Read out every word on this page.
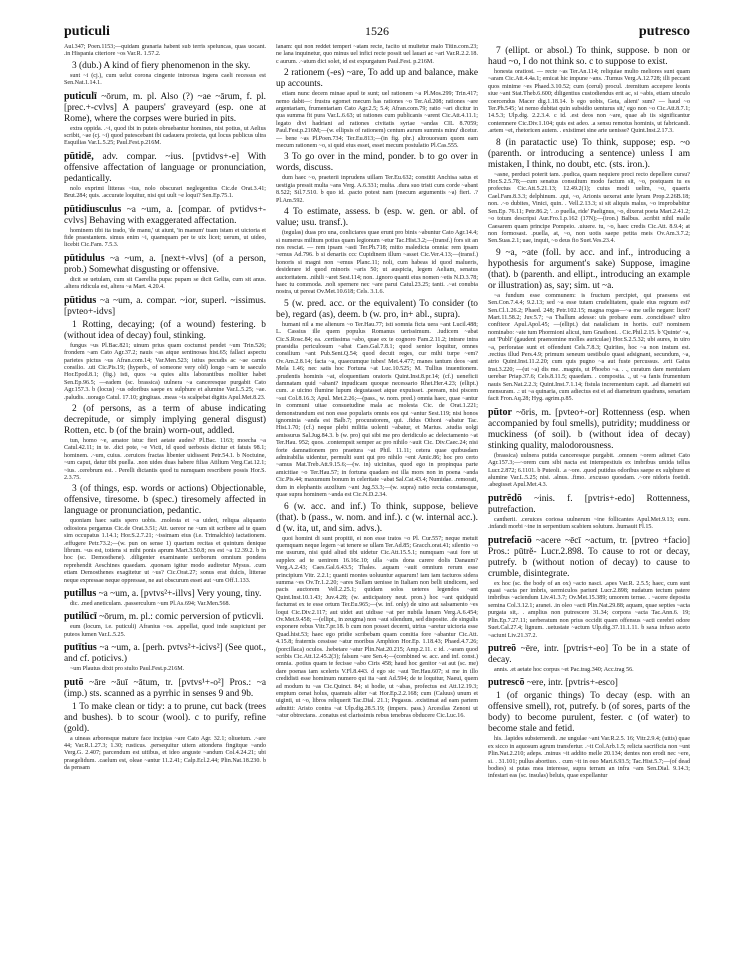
puticuli	1526	putresco

Aul.347; Poen.1153;—quidam granaria habent sub terris speluncas, quas uocant. .in Hispania citeriore ~os Var.R. 1.57.2.

3 (dub.) A kind of fiery phenomenon in the sky.

sunt ~i (cj.), cum uelut corona cingente introrsus ingens caeli recessus est Sen.Nat.1.14.1.

puticulī ~ōrum, m. pl. Also (?) ~ae ~ārum, f. pl. [prec.+-cvlvs] A paupers' graveyard (esp. one at Rome), where the corpses were buried in pits.

extra oppida. .~i, quod ibi in puteis obruebantur homines, nisi potius, ut Aelius scribit, ~ae (cj. ~i) quod putescebant ibi cadauera proiecta, qui locus publicus ultra Esquilias Var.L.5.25; Paul.Fest.p.216M.

pūtidē, adv. compar. ~ius. [pvtidvs+-e] With offensive affectation of language or pronunciation, pedantically.

nolo exprimi litteras ~ius, nolo obscurari neglegentius Cic.de Orat.3.41; Brut.284; quis. .accurate loquitur, nisi qui uult ~e loqui? Sen.Ep.75.1.

pūtidiusculus ~a ~um, a. [compar. of pvtidvs+-cvlvs] Behaving with exaggerated affectation.

hominem tibi ita trado, 'de manu,' ut aiunt, 'in manum' tuam istam et uictoria et fide praestantem. simus enim ~i, quamquam per te uix licet; uerum, ut uideo, licebit Cic.Fam. 7.5.3.

pūtidulus ~a ~um, a. [next+-vlvs] (of a person, prob.) Somewhat disgusting or offensive.

dicit se uetulam, cum sit Caerellia pupa: pupam se dicit Gellia, cum sit anus. .altera ridicula est, altera ~a Mart. 4.20.4.

pūtidus ~a ~um, a. compar. ~ior, superl. ~issimus. [pvteo+-idvs]

1 Rotting, decaying; (of a wound) festering. b (without idea of decay) foul, stinking.

fungus ~us Pl.Bac.821; uinum prius quam coctumst pendet ~um Trin.526; frondem ~am Cato Agr.37.2; nauis ~as atque sentinosas hist.65; fallaci aspectu parietes pictus ~us Afran.com.14; Var.Men.523; istius pecudis ac ~ae carnis consilio. .uti Cic.Pis.19; (hyperb., of someone very old) longo ~am te saeculo Hor.Epod.8.1; (fig.) isti, quos ~a quies aliis laborantibus molliter habet Sen.Ep.96.5; —eadem (sc. brassica) uulnera ~a canceresque purgabit Cato Agr.157.3. b (locus) ~us odoribus saepe ex sulphure et alumine Var.L.5.25; ~ae. .paludis. .uorago Catul. 17.10; gingiuas. .meas ~is scalpebat digitis Apul.Met.8.23.

2 (of persons, as a term of abuse indicating decrepitude, or simply implying general disgust) Rotten, etc. b (of the brain) worn-out, addled.

tun, homo ~e, amator istuc fieri aetate audes? Pl.Bac. 1163; moecha ~a Catul.42.11; in te. .dici pote, ~e Victi, id quod uerbosis dicitur et fatuis 98.1; hominem. .~um, cuius. .ceruices fractas libenter uidissent Petr.54.1. b Noctuine, ~um caput, datur tibi puella. .non uides duas habere filias Atilium Verg.Cat.12.1; ~ius. .cerebrum est. . Perelli dictantis quod tu numquam rescribere possis Hor.S. 2.3.75.

3 (of things, esp. words or actions) Objectionable, offensive, tiresome. b (spec.) tiresomely affected in language or pronunciation, pedantic.

quoniam haec satis spero uobis. .molesta et ~a uideri, reliqua aliquanto odiosiora pergamus Cic.de Orat.3.51; Att. uereor ne ~um sit scribere ad te quam sim occupatus 1.14.1; Hor.S.2.7.21; ~issimam eius (i.e. Trimalchio) iactationem. .effugere Petr.73.2;—(w. pun on sense 1) quartum recitas et quintum denique librum. ~us est, totiens si mihi ponis aprum Mart.3.50.8; res est ~a 12.39.2. b in hoc (sc. Demosthene). .diligenter examinante uerborum omnium pondera reprehendit Aeschines quaedam. .quonam igitur modo audiretur Mysus. .cum etiam Demosthenes exagitetur ut ~us? Cic.Orat.27; sonus erat dulcis, litterae neque expressae neque oppressae, ne aut obscurum esset aut ~um Off.1.133.

putillus ~a ~um, a. [pvtvs²+-illvs] Very young, tiny.

dic. .med aneticulam. .passerculum ~um Pl.As.694; Var.Men.568.

putilūcī ~ōrum, m. pl.: comic perversion of pvticvli.

eum (locum, i.e. puticuli) Afranius ~os. .appellat, quod inde suspiciunt per puteos lumen Var.L.5.25.

putītius ~a ~um, a. [perh. pvtvs²+-icivs²] (See quot., and cf. poticivs.)

~um Plautus dixit pro stulto Paul.Fest.p.216M.

putō ~āre ~āuī ~ātum, tr. [pvtvs¹+-o²] Pros.: ~a (imp.) sts. scanned as a pyrrhic in senses 9 and 9b.

1 To make clean or tidy: a to prune, cut back (trees and bushes). b to scour (wool). c to purify, refine (gold).

a uineas arboresque mature face incipias ~are Cato Agr. 32.1; oliuetum. .~are 44; Var.R.1.27.3; 1.30; rusticus. .persequitur uitem attondens fingitque ~ando Verg.G. 2.407; parcendum est uitibus, et ideo anguste ~andum Col.4.24.21; ubi praegelidum. .caelum est, oleae ~antur 11.2.41; Calp.Ecl.2.44; Plin.Nat.18.230. b da pensam

lanam: qui non reddet temperi ~atam recte, facito ut multetur malo Titin.com.23; ne lana inquinetur, quo minus uel infici recte possit uel lauari ac ~ari Var.R.2.2.18. c aurum. .~atum dici solet, id est expurgatum Paul.Fest. p.216M.

2 rationem (-es) ~are, To add up and balance, make up accounts.

etiam nunc decem minae apud te sunt; uel rationem ~a Pl.Mos.299; Trin.417; nemo dabit—: frustra egomet mecum has rationes ~o Ter.Ad.208; rationes ~are argentariam, frumentariam Cato Agr.2.5; 5.4; Afran.com.79; ratio ~ari dicitur in qua summa fit pura Var.L.6.63; ut rationes cum publicanis ~arent Cic.Att.4.11.1; legato divi hadriani ad rationes civitatis syriae ~andas CIL 8.7059; Paul.Fest.p.216M;—(w. ellipsis of rationem) centum aurum summis minu' dicetur. — bene ~as Pl.Poen.734; Ter.Eu.813;—(in fig. phr.) altrouorsum quom eam mecum rationem ~o, si quid eius esset, esset mecum postulatio Pl.Cas.555.

3 To go over in the mind, ponder. b to go over in words, discuss.

dum haec ~o, praeterii inprudens uillam Ter.Eu.632; constitit Anchisa satus et uestigia pressit multa ~ans Verg. A.6.331; multa. .dura suo tristi cum corde ~abant 8.522; Sil.7.510. b quo id. .pacto potest nam (mecum argumentis ~a) fieri. .? Pl.Am.592.

4 To estimate, assess. b (esp. w. gen. or abl. of value; usu. transf.).

(tegulas) duas pro una, conliciares quae erunt pro binis ~abuntur Cato Agr.14.4; si numerus militum potius quam legionum ~etur Tac.Hist.3.2;—(transf.) fors sit an nos resciat. — rem ipsam ~asti Ter.Ph.718; mitto maledicta omnia: rem ipsam ~emus Ad.796. b si denariis ccc Cupidinem illum ~asset Cic.Ver.4.13;—(transf.) honoris si magni non ~emus Planc.11; noli, cum habeas id quod malueris, desiderare id quod minoris ~aris 50; ut auspicia, legem Aeliam, senatus auctoritatem. .nihili ~aret Sest.114; non. .ignoro quanti eius nomen ~etis N.D.3.78; haec tu commoda. .noli spernere nec ~are parui Catul.23.25; tanti. .~at conubia nostra, ut pereat Ov.Met.10.618; Cels. 3.1.6.

5 (w. pred. acc. or the equivalent) To consider (to be), regard (as), deem. b (w. pro, in+ abl., supra).

humani nil a me alienum ~o Ter.Hau.77; isti somnia ficta uera ~ant Lucil.488; L. Cassius ille quem populus Romanus uerissimum. .iudicem ~abat Cic.S.Rosc.84; ea. .certissima ~abo, quae ex te cognoro Fam.2.11.2; intrare intra praesidia periculosum ~abat Caes.Gal.7.8.1; quod senior loquitur, omnes consilium ~ant Pub.Sent.Q.54; quod decuit reges, cur mihi turpe ~em? Ov.Am.2.8.14; facta ~a, quaecumque iubes! Met.4.477; manes tantum deos ~ant Mela 1.46; nec satis hoc Fortuna ~at Luc.10.525; M. Tullius inuentionem. .prudentis hominis ~at, eloquentiam oratoris Quint.Inst.8.pr.14; (cf.) ueneficii damnatam quid ~abant? inpudicam quoque necessario Rhet.Her.4.23; (ellipt.) cum. .e uicino flumine lupum degustasset atque expuisset. .peream, nisi piscem ~sui Col.8.16.3; Apul. Met.2.26;—(pass., w. nom. pred.) omnia haec, quae ~antur in communi uitae consuetudine mala ac molesta Cic. de Orat.1.221; demonstrandum est non esse popularis omnis eos qui ~antur Sest.119; nisi honos ignominia ~anda est Balb.7; procuratorem, qui. .fidus Othoni ~abatur Tac. Hist.1.70; (cf.) neque plebi militia uolenti ~abatur, et Marius. .studia uolgi amissurus Sal.Jug.84.3. b (w. pro) qui sibi me pro deridiculo ac delectamento ~at Ter.Hau. 952; quos. .contempsit semper ac pro nihilo ~auit Cic. Div.Caec.24; nisi forte damnationem pro praetura ~at Phil. 11.11; cetera quae quibusdam admirabilia uidentur, permulti sunt qui pro nihilo ~ent Amic.86; hoc pro certo ~amus Mat.Treb.Att.9.15.6;—(w. in) uicinitas, quod ego in propinqua parte amicitiae ~o Ter.Hau.57; in fortuna quadam est illa mors non in poena ~anda Cic.Pis.44; maxumum bonum in celeritate ~abat Sal.Cat.43.4; Numidae. .remorati, dum in elephantis auxilium ~ant Jug.53.3;—(w. supra) ratio recta constansque, quae supra hominem ~anda est Cic.N.D.2.34.

6 (w. acc. and inf.) To think, suppose, believe (that). b (pass., w. nom. and inf.). c (w. internal acc.). d (w. ita, ut, and sim. advs.).

quoi homini di sunt propitii, ei non esse iratos ~o Pl. Cur.557; neque metuit quemquam neque legem ~at tenere se ullam Ter.Ad.85; Gracch.orat.41; silentio ~o me usurum, nisi quid aliud tibi uidetur Cic.Att.15.5.1; numquam ~aui fore ut supplex ad te uenirem 16.16c.10; ulla ~atis dona carere dolis Danaum? Verg.A.2.43; Caes.Gal.6.43.5; Thales. .aquam ~auit omnium rerum esse principium Vitr. 2.2.1; quanti montes uoluuntur aquarum! iam iam tacturos sidera summa ~es Ov.Tr.1.2.20; ~ares Sullam uenisse in Italiam non belli uindicem, sed pacis auctorem Vell.2.25.1; quidam solos ueteres legendos ~ant Quint.Inst.10.1.43; Juv.4.28; (w. anticipatory neut. pron.) hoc ~ant quidquid factumst ex te esse ortum Ter.Eu.965;—(w. inf. only) de uino aut salsamento ~es loqui Cic.Div.2.117; aut uidet aut uidisse ~at per nubila lunam Verg.A.6.454; Ov.Met.9.458; —(ellipt., in zeugma) non ~aui silendum, sed disposite. .de singulis exponere rebus Vitr.7.pr.18. b cum non posset decerni, utrius ~aretur uictoria esse Quad.hist.53; haec ego pridie scribebam quam comitia fore ~abantur Cic.Att. 4.15.8; fraternis cessisse ~atur moribus Amphion Hor.Ep. 1.18.43; Phaed.4.7.26; (porcillaca) oculos. .hebetare ~atur Plin.Nat.20.215; Amp.2.11. c id. .~aram quod scribis Cic.Att.12.45.2(3); falsum ~are Sen.4;—(combined w. acc. and inf. const.) omnia. .potius quam te fecisse ~abo Ciris 458; haud hoc genitor ~at aut (sc. me) dare poenas iam sceleris V.Fl.8.443. d ego sic ~aui Ter.Hau.607; si me in illo credidisti esse hominum numero qui ita ~ant Ad.594; de te loquitur, Naeui, quem ad modum tu ~as Cic.Quinct. 84; si hodie, ut ~abas, profectus est Att.12.19.3; emptum cenat holus, quamuis aliter ~at Hor.Ep.2.2.168; cum (Caluus) unum et uiginti, ut ~o, libros reliquerit Tac.Dial. 21.1; Pegasus. .existimat ad eam partem admitti: Aristo contra ~at Ulp.dig.28.5.19; (impers. pass.) Arcesilas Zenoni ut ~atur obtrectans. .conatus est clarissimis rebus tenebras obducere Cic.Luc.16.

7 (ellipt. or absol.) To think, suppose. b non or haud ~o, I do not think so. c to suppose to exist.

honesta oratiost. — recte ~as Ter.An.114; reliquiae multo meliores sunt quam ~aram Cic.Att.4.4a.1; emicat hic impune ~ans. .Turnus Verg.A.12.728; illi peccant quos minime ~es Phaed.3.10.52; cum (ceruí) procul. .tremitum accepere leonis siue ~ant Stat.Theb.6.600; diligentius custodiendus erit ac, si ~abis, etiam uinculo coercendus Macer dig.1.18.14. b ego uobis, Geta, alieni' sum? — haud ~o Ter.Ph.545; 'at nemo dubitat quin subsidio uenturus sit,' ego non ~o Cic.Att.8.7.1; 14.5.3; Ulp.dig. 2.2.3.4. c id. .est deos non ~are, quae ab iis significantur contemnere Cic.Div.1.104; quis est adeo. .a sensu remotus hominis, ut fabricandi. .artem ~et, rhetoricen autem. . existimet sine arte uenisse? Quint.Inst.2.17.3.

8 (in paratactic use) To think, suppose; esp. ~o (parenth. or introducing a sentence) unless I am mistaken, I think, no doubt, etc. (sts. iron.).

~asne, perduci poterit tam. .pudica, quam nequiere proci recto depellere cursu? Hor.S.2.5.78;—cum senatus consultum modo factum sit, ~o, postquam tu es profectus Cic.Att.5.21.13; 12.49.2(1); cuius modi uelim, ~o, quaeris Cael.Fam.8.3.3; delphinum. .qui, ~o, Arionis uexerat ante lyram Prop.2.26B.18; non. .~o dubites, Vinici, quin. . Vell.2.13.3; si sit aliquis malus, ~o improbabitur Sen.Ep. 76.11; Petr.86.2; '. .o puella, ride' Paelignus, ~o, dixerat poeta Mart.2.41.2; ~o totum descripsi Aur.Fro.1.p.162 (17N);—(iron.) Balbus. .scribit nihil malle Caesarem quam principe Pompeio. .uiuere. tu, ~o, haec credis Cic.Att. 8.9.4; at non formosast. .puella, at, ~o, non uotis saepe petita meis Ov.Am.3.7.2; Sen.Suas.2.1; uae, inquit, ~o deus fio Suet.Ves.23.4.

9 ~a, ~ate (foll. by acc. and inf., introducing a hypothesis for argument's sake) Suppose, imagine (that). b (parenth. and ellipt., introducing an example or illustration) as, say; sim. ut ~a.

~a fundum esse communem: is fructum percipiet, qui praesens est Sen.Con.7.4.4; 9.2.13; sed ~a esse tutam crudelitatem, quale eius regnum est? Sen.Cl.1.26.2; Phaed. 248; Petr.102.15; magna rogas—~a me uelle negare: licet? Mart.11.58.2; Juv.5.7; ~a Thallum adesse: uis probare eum. .concidisse? ultro confiteor Apul.Apol.45; —(ellipt.) dat natalíciam in hortis. cui? nominem nominabo: ~ate tum Phormioni alicui, tum Gnathoni. . Cic.Phil.2.15. b 'Quinte' ~a, aut 'Publi' (gaudent praenomine molles auriculae) Hor.S.2.5.32; ubi aures, in uiro ~a, perforatae sunt et offendunt Cels.7.8.3; Quirites, hoc ~a non instum est. .rectius illud Pers.4.9; primum seneum uestibulo quasi adsignant, secundum, ~a, atrio Quint.Inst.11.2.20; cum quis pugno ~a aut fuste percussus. .erit Gaius Inst.3.220; —(ut ~a) dis me. .magnis, ut Phoebo ~a. . ., curatum dare mentulam uerebar Priap.37.6; Cels.8.11.5; quaedam. . composita. ., ut ~a fanis frumentum nauis Sen.Nat.2.2.3; Quint.Inst.7.1.14; fistula incrementum capit. .ad diametri sui mensuram. .: ut ~a quinaria, cum adiectus est ei ad diametrum quadrans, senariam facit Fron.Aq.28; Hyg. agrim.p.85.

pūtor ~ōris, m. [pvteo+-or] Rottenness (esp. when accompanied by foul smells), putridity; muddiness or muckiness (of soil). b (without idea of decay) stinking quality, malodorousness.

(brassica) uulnera putida canceresque purgabit. .omnem ~orem adimet Cato Agr.157.3;—~orem cum sibi nacta est intempestiuis ex imbribus umida tellus Lucr.2.872; 6.1101. b Puteoli. .a ~ore. .quod putidus odoribus saepe ex sulphure et alumine Var.L.5.25; nisi. .alnus. .fimo. .excusso quosdam. .~ore nidoris foetidi. .abegisset Apul.Met.4.3.

putrēdō ~inis. f. [pvtris+-edo] Rottenness, putrefaction.

cantherii. .ceruices coriosa uulnerum ~ine follicantes Apul.Met.9.13; eum. .infandi morbi ~ine in serpentium scabiem solutum. .humauit Fl.15.

putrefaciō ~acere ~ēcī ~actum, tr. [pvtreo +facio] Pros.: pūtrĕ- Lucr.2.898. To cause to rot or decay, putrefy. b (without notion of decay) to cause to crumble, disintegrate.

ex hoc (sc. the body of an ox) ~acto nasci. .apes Var.R. 2.5.5; haec, cum sunt quasi ~acta per imbris, uermiculos pariunt Lucr.2.898; nudatum tectum patere imbribus ~aciendum Liv.41.3.7; Ov.Met.15.389; umorem terrae. . ~acere deposita semina Col.3.12.1; aranei. .in oleo ~acti Plin.Nat.29.88; aquam, quae septies ~acta purgata sit,. . amplius non putrescere 31.34; corpora ~acta Tac.Ann.6. 19; Plin.Ep.7.27.11; uerberatum non prius occidit quam offensus ~acti cerebri odore Suet.Cal.27.4; lignum. .uetustate ~actum Ulp.dig.37.11.1.11. b saxa infuso aceto ~aciunt Liv.21.37.2.

putreō ~ēre, intr. [pvtris+-eo] To be in a state of decay.

annis. .et aetate hoc corpus ~et Pac.trag.340; Acc.trag 56.

putrescō ~ere, intr. [pvtris+-esco]

1 (of organic things) To decay (esp. with an offensive smell), rot, putrefy. b (of sores, parts of the body) to become purulent, fester. c (of water) to become stale and fetid.

his. .lapides substernendi. .ne ungulae ~ant Var.R.2.5. 16; Vitr.2.9.4; (uitis) quae ex sicco in aquosum agrum transfertur. .~it Col.Arb.1.5; relicta sacrificia non ~unt Plin.Nat.2.210; adeps. .minus ~it addito melle 20.134; dentes non erodi nec ~ere, si. . 31.101; pullus abortiuo. . cum ~it in ouo Mart.6.93.5; Tac.Hist.5.7;—(of dead bodies) si putas mea interesse, supra terram an infra ~am Sen.Dial. 9.14.3; infestari eas (sc. insulas) beluis, quae expellantur
